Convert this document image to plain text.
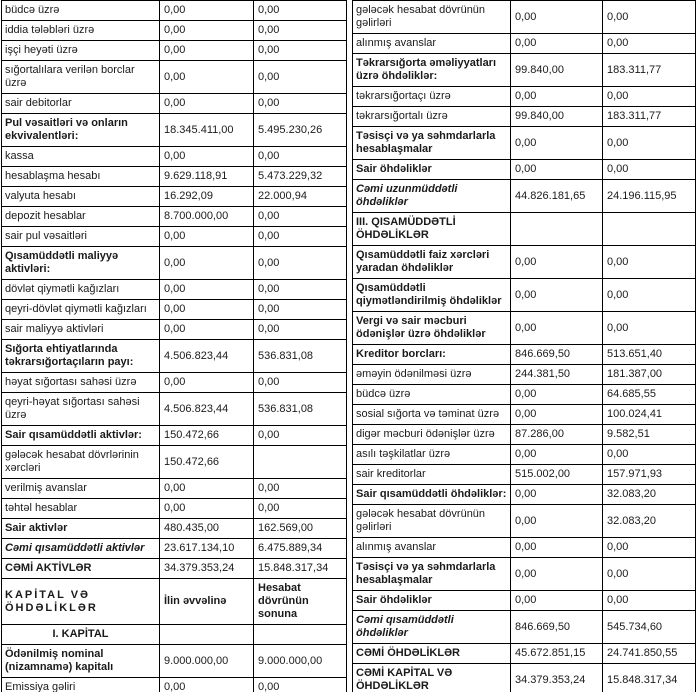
büdcə üzrə	0,00	0,00
iddia tələbləri üzrə	0,00	0,00
işçi heyəti üzrə	0,00	0,00
sığortalılara verilən borclar üzrə	0,00	0,00
sair debitorlar	0,00	0,00
Pul vəsaitləri və onların ekvivalentləri:	18.345.411,00	5.495.230,26
kassa	0,00	0,00
hesablaşma hesabı	9.629.118,91	5.473.229,32
valyuta hesabı	16.292,09	22.000,94
depozit hesablar	8.700.000,00	0,00
sair pul vəsaitləri	0,00	0,00
Qısamüddətli maliyyə aktivləri:	0,00	0,00
dövlət qiymətli kağızları	0,00	0,00
qeyri-dövlət qiymətli kağızları	0,00	0,00
sair maliyyə aktivləri	0,00	0,00
Sığorta ehtiyatlarında təkrarsığortaçıların payı:	4.506.823,44	536.831,08
həyat sığortası sahəsi üzrə	0,00	0,00
qeyri-həyat sığortası sahəsi üzrə	4.506.823,44	536.831,08
Sair qısamüddətli aktivlər:	150.472,66	0,00
gələcək hesabat dövrlərinin xərcləri	150.472,66	
verilmiş avanslar	0,00	0,00
təhtəl hesablar	0,00	0,00
Sair aktivlər	480.435,00	162.569,00
Cəmi qısamüddətli aktivlər	23.617.134,10	6.475.889,34
CƏMİ AKTİVLƏR	34.379.353,24	15.848.317,34
KAPİTAL VƏ ÖHDƏLİKLƏR	İlin əvvəlinə	Hesabat dövrünün sonuna
I. KAPİTAL		
Ödənilmiş nominal (nizamnamə) kapitalı	9.000.000,00	9.000.000,00
Emissiya gəliri	0,00	0,00
gələcək hesabat dövrünün gəlirləri	0,00	0,00
alınmış avanslar	0,00	0,00
Təkrarsığorta əməliyyatları üzrə öhdəliklər:	99.840,00	183.311,77
təkrarsığortaçı üzrə	0,00	0,00
təkrarsığortalı üzrə	99.840,00	183.311,77
Təsisçi və ya səhmdarlarla hesablaşmalar	0,00	0,00
Sair öhdəliklər	0,00	0,00
Cəmi uzunmüddətli öhdəliklər	44.826.181,65	24.196.115,95
III. QISAMÜDDƏTLİ ÖHDƏLİKLƏR		
Qısamüddətli faiz xərcləri yaradan öhdəliklər	0,00	0,00
Qısamüddətli qiymətləndirilmiş öhdəliklər	0,00	0,00
Vergi və sair məcburi ödənişlər üzrə öhdəliklər	0,00	0,00
Kreditor borcları:	846.669,50	513.651,40
əməyin ödənilməsi üzrə	244.381,50	181.387,00
büdcə üzrə	0,00	64.685,55
sosial sığorta və təminat üzrə	0,00	100.024,41
digər məcburi ödənişlər üzrə	87.286,00	9.582,51
asılı təşkilatlar üzrə	0,00	0,00
sair kreditorlar	515.002,00	157.971,93
Sair qısamüddətli öhdəliklər:	0,00	32.083,20
gələcək hesabat dövrünün gəlirləri	0,00	32.083,20
alınmış avanslar	0,00	0,00
Təsisçi və ya səhmdarlarla hesablaşmalar	0,00	0,00
Sair öhdəliklər	0,00	0,00
Cəmi qısamüddətli öhdəliklər	846.669,50	545.734,60
CƏMİ ÖHDƏLİKLƏR	45.672.851,15	24.741.850,55
CƏMİ KAPİTAL VƏ ÖHDƏLİKLƏR	34.379.353,24	15.848.317,34
